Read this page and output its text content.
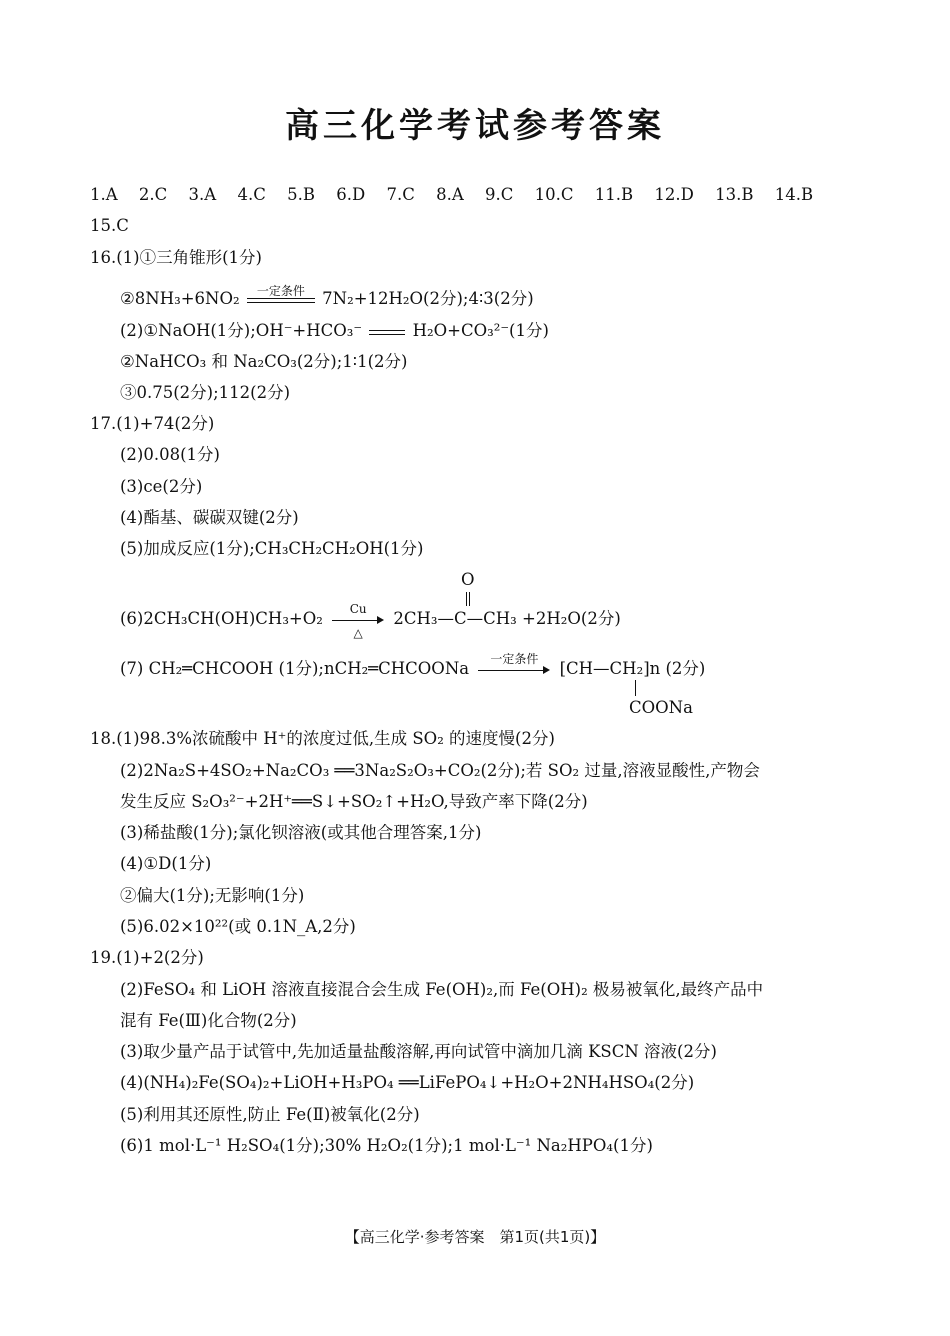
高三化学考试参考答案
1.A 2.C 3.A 4.C 5.B 6.D 7.C 8.A 9.C 10.C 11.B 12.D 13.B 14.B
15.C
16.(1)①三角锥形(1分)
②8NH₃+6NO₂	一定条件	7N₂+12H₂O(2分);4∶3(2分)
(2)①NaOH(1分);OH⁻+HCO₃⁻	H₂O+CO₃²⁻(1分)
②NaHCO₃ 和 Na₂CO₃(2分);1∶1(2分)
③0.75(2分);112(2分)
17.(1)+74(2分)
(2)0.08(1分)
(3)ce(2分)
(4)酯基、碳碳双键(2分)
(5)加成反应(1分);CH₃CH₂CH₂OH(1分)
O
(6)2CH₃CH(OH)CH₃+O₂
Cu
△
2CH₃—C—CH₃ +2H₂O(2分)
(7) CH₂═CHCOOH (1分);nCH₂═CHCOONa
一定条件
[CH—CH₂]n (2分)
COONa
18.(1)98.3%浓硫酸中 H⁺的浓度过低,生成 SO₂ 的速度慢(2分)
(2)2Na₂S+4SO₂+Na₂CO₃ ══3Na₂S₂O₃+CO₂(2分);若 SO₂ 过量,溶液显酸性,产物会
发生反应 S₂O₃²⁻+2H⁺══S↓+SO₂↑+H₂O,导致产率下降(2分)
(3)稀盐酸(1分);氯化钡溶液(或其他合理答案,1分)
(4)①D(1分)
②偏大(1分);无影响(1分)
(5)6.02×10²²(或 0.1N_A,2分)
19.(1)+2(2分)
(2)FeSO₄ 和 LiOH 溶液直接混合会生成 Fe(OH)₂,而 Fe(OH)₂ 极易被氧化,最终产品中
混有 Fe(Ⅲ)化合物(2分)
(3)取少量产品于试管中,先加适量盐酸溶解,再向试管中滴加几滴 KSCN 溶液(2分)
(4)(NH₄)₂Fe(SO₄)₂+LiOH+H₃PO₄ ══LiFePO₄↓+H₂O+2NH₄HSO₄(2分)
(5)利用其还原性,防止 Fe(Ⅱ)被氧化(2分)
(6)1 mol·L⁻¹ H₂SO₄(1分);30% H₂O₂(1分);1 mol·L⁻¹ Na₂HPO₄(1分)
【高三化学·参考答案　第1页(共1页)】
